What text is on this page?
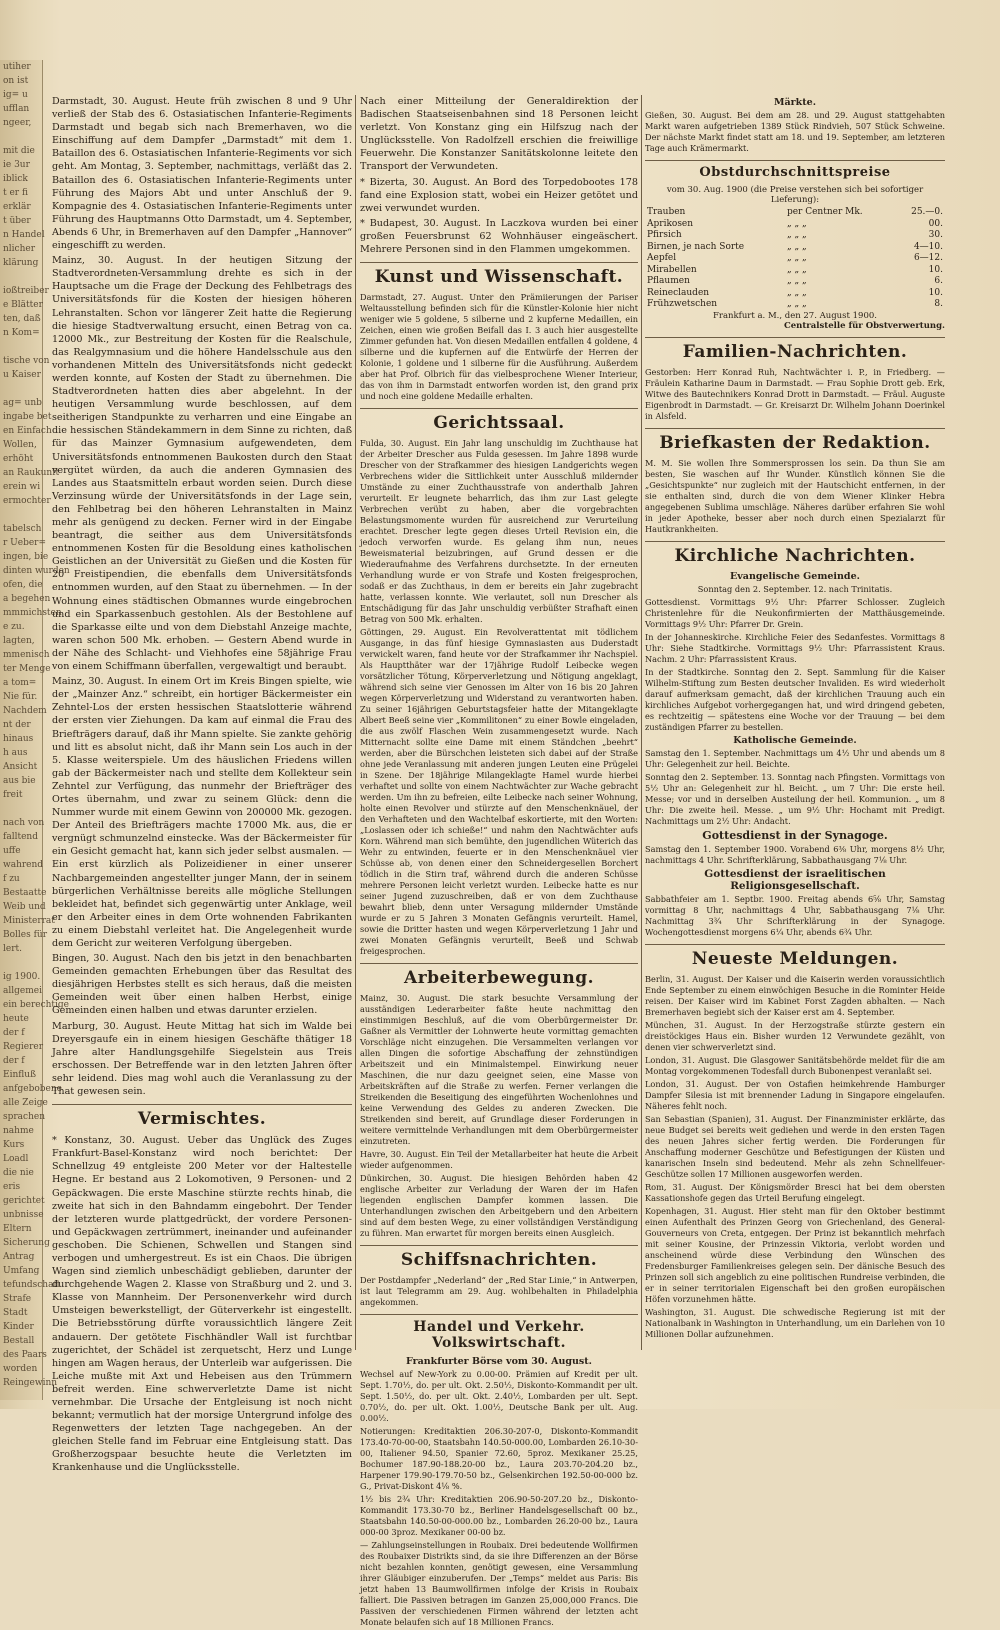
utiher
on ist
ig= u
ufflan
ngeer,

mit die
ie 3ur
iblick
t er fi
erklär
t über
n Handel
nlicher
klärung

ioßtreiber
e Blätter
ten, daß
n Kom=

tische von
u Kaiser

ag= unb
ingabe bet
en Einfach
Wollen,
erhöht
an Raukunft
erein wi
ermochter

tabelsch
r Ueber=
ingen, bie
dinten wurden
ofen, die
a begehen
mmmichsten
e zu.
lagten,
mmenisch
ter Menge
a tom=
Nie für.
Nachdem
nt der
hinaus
h aus
Ansicht
aus bie
freit

nach von
falltend
uffe
wahrend
f zu
Bestaatte
Weib und
Ministerrat
Bolles für
lert.

ig 1900.
allgemei
ein berechtige
heute
der f
Regierer
der f
Einfluß
anfgebobene
alle Zeige
sprachen
nahme
Kurs
Loadl
die nie
eris
gerichtet
unbnisse
Eltern
Sicherung
Antrag
Umfang
tefundschaft
Strafe
Stadt
Kinder
Bestall
des Paars
worden
Reingewinn

Darmstadt, 30. August. Heute früh zwischen 8 und 9 Uhr verließ der Stab des 6. Ostasiatischen Infanterie-Regiments Darmstadt und begab sich nach Bremerhaven, wo die Einschiffung auf dem Dampfer „Darmstadt“ mit dem 1. Bataillon des 6. Ostasiatischen Infanterie-Regiments vor sich geht. Am Montag, 3. September, nachmittags, verläßt das 2. Bataillon des 6. Ostasiatischen Infanterie-Regiments unter Führung des Majors Abt und unter Anschluß der 9. Kompagnie des 4. Ostasiatischen Infanterie-Regiments unter Führung des Hauptmanns Otto Darmstadt, um 4. September, Abends 6 Uhr, in Bremerhaven auf den Dampfer „Hannover“ eingeschifft zu werden.

Mainz, 30. August. In der heutigen Sitzung der Stadtverordneten-Versammlung drehte es sich in der Hauptsache um die Frage der Deckung des Fehlbetrags des Universitätsfonds für die Kosten der hiesigen höheren Lehranstalten. Schon vor längerer Zeit hatte die Regierung die hiesige Stadtverwaltung ersucht, einen Betrag von ca. 12000 Mk., zur Bestreitung der Kosten für die Realschule, das Realgymnasium und die höhere Handelsschule aus den vorhandenen Mitteln des Universitätsfonds nicht gedeckt werden konnte, auf Kosten der Stadt zu übernehmen. Die Stadtverordneten hatten dies aber abgelehnt. In der heutigen Versammlung wurde beschlossen, auf dem seitherigen Standpunkte zu verharren und eine Eingabe an die hessischen Ständekammern in dem Sinne zu richten, daß für das Mainzer Gymnasium aufgewendeten, dem Universitätsfonds entnommenen Baukosten durch den Staat vergütet würden, da auch die anderen Gymnasien des Landes aus Staatsmitteln erbaut worden seien. Durch diese Verzinsung würde der Universitätsfonds in der Lage sein, den Fehlbetrag bei den höheren Lehranstalten in Mainz mehr als genügend zu decken. Ferner wird in der Eingabe beantragt, die seither aus dem Universitätsfonds entnommenen Kosten für die Besoldung eines katholischen Geistlichen an der Universität zu Gießen und die Kosten für 20 Freistipendien, die ebenfalls dem Universitätsfonds entnommen wurden, auf den Staat zu übernehmen. — In der Wohnung eines städtischen Obmannes wurde eingebrochen und ein Sparkassenbuch gestohlen. Als der Bestohlene auf die Sparkasse eilte und von dem Diebstahl Anzeige machte, waren schon 500 Mk. erhoben. — Gestern Abend wurde in der Nähe des Schlacht- und Viehhofes eine 58jährige Frau von einem Schiffmann überfallen, vergewaltigt und beraubt.

Mainz, 30. August. In einem Ort im Kreis Bingen spielte, wie der „Mainzer Anz.“ schreibt, ein hortiger Bäckermeister ein Zehntel-Los der ersten hessischen Staatslotterie während der ersten vier Ziehungen. Da kam auf einmal die Frau des Briefträgers darauf, daß ihr Mann spielte. Sie zankte gehörig und litt es absolut nicht, daß ihr Mann sein Los auch in der 5. Klasse weiterspiele. Um des häuslichen Friedens willen gab der Bäckermeister nach und stellte dem Kollekteur sein Zehntel zur Verfügung, das nunmehr der Briefträger des Ortes übernahm, und zwar zu seinem Glück: denn die Nummer wurde mit einem Gewinn von 200000 Mk. gezogen. Der Anteil des Briefträgers machte 17000 Mk. aus, die er vergnügt schmunzelnd einstecke. Was der Bäckermeister für ein Gesicht gemacht hat, kann sich jeder selbst ausmalen. — Ein erst kürzlich als Polizeidiener in einer unserer Nachbargemeinden angestellter junger Mann, der in seinem bürgerlichen Verhältnisse bereits alle mögliche Stellungen bekleidet hat, befindet sich gegenwärtig unter Anklage, weil er den Arbeiter eines in dem Orte wohnenden Fabrikanten zu einem Diebstahl verleitet hat. Die Angelegenheit wurde dem Gericht zur weiteren Verfolgung übergeben.

Bingen, 30. August. Nach den bis jetzt in den benachbarten Gemeinden gemachten Erhebungen über das Resultat des diesjährigen Herbstes stellt es sich heraus, daß die meisten Gemeinden weit über einen halben Herbst, einige Gemeinden einen halben und etwas darunter erzielen.

Marburg, 30. August. Heute Mittag hat sich im Walde bei Dreyersgaufe ein in einem hiesigen Geschäfte thätiger 18 Jahre alter Handlungsgehilfe Siegelstein aus Treis erschossen. Der Betreffende war in den letzten Jahren öfter sehr leidend. Dies mag wohl auch die Veranlassung zu der That gewesen sein.

Vermischtes.

* Konstanz, 30. August. Ueber das Unglück des Zuges Frankfurt-Basel-Konstanz wird noch berichtet: Der Schnellzug 49 entgleiste 200 Meter vor der Haltestelle Hegne. Er bestand aus 2 Lokomotiven, 9 Personen- und 2 Gepäckwagen. Die erste Maschine stürzte rechts hinab, die zweite hat sich in den Bahndamm eingebohrt. Der Tender der letzteren wurde plattgedrückt, der vordere Personen- und Gepäckwagen zertrümmert, ineinander und aufeinander geschoben. Die Schienen, Schwellen und Stangen sind verbogen und umhergestreut. Es ist ein Chaos. Die übrigen Wagen sind ziemlich unbeschädigt geblieben, darunter der durchgehende Wagen 2. Klasse von Straßburg und 2. und 3. Klasse von Mannheim. Der Personenverkehr wird durch Umsteigen bewerkstelligt, der Güterverkehr ist eingestellt. Die Betriebsstörung dürfte voraussichtlich längere Zeit andauern. Der getötete Fischhändler Wall ist furchtbar zugerichtet, der Schädel ist zerquetscht, Herz und Lunge hingen am Wagen heraus, der Unterleib war aufgerissen. Die Leiche mußte mit Axt und Hebeisen aus den Trümmern befreit werden. Eine schwerverletzte Dame ist nicht vernehmbar. Die Ursache der Entgleisung ist noch nicht bekannt; vermutlich hat der morsige Untergrund infolge des Regenwetters der letzten Tage nachgegeben. An der gleichen Stelle fand im Februar eine Entgleisung statt. Das Großherzogspaar besuchte heute die Verletzten im Krankenhause und die Unglücksstelle.

Nach einer Mitteilung der Generaldirektion der Badischen Staatseisenbahnen sind 18 Personen leicht verletzt. Von Konstanz ging ein Hilfszug nach der Unglücksstelle. Von Radolfzell erschien die freiwillige Feuerwehr. Die Konstanzer Sanitätskolonne leitete den Transport der Verwundeten.

* Bizerta, 30. August. An Bord des Torpedobootes 178 fand eine Explosion statt, wobei ein Heizer getötet und zwei verwundet wurden.

* Budapest, 30. August. In Laczkova wurden bei einer großen Feuersbrunst 62 Wohnhäuser eingeäschert. Mehrere Personen sind in den Flammen umgekommen.

Kunst und Wissenschaft.

Darmstadt, 27. August. Unter den Prämiierungen der Pariser Weltausstellung befinden sich für die Künstler-Kolonie hier nicht weniger wie 5 goldene, 5 silberne und 2 kupferne Medaillen, ein Zeichen, einen wie großen Beifall das I. 3 auch hier ausgestellte Zimmer gefunden hat. Von diesen Medaillen entfallen 4 goldene, 4 silberne und die kupfernen auf die Entwürfe der Herren der Kolonie, 1 goldene und 1 silberne für die Ausführung. Außerdem aber hat Prof. Olbrich für das vielbesprochene Wiener Interieur, das von ihm in Darmstadt entworfen worden ist, den grand prix und noch eine goldene Medaille erhalten.

Gerichtssaal.

Fulda, 30. August. Ein Jahr lang unschuldig im Zuchthause hat der Arbeiter Drescher aus Fulda gesessen. Im Jahre 1898 wurde Drescher von der Strafkammer des hiesigen Landgerichts wegen Verbrechens wider die Sittlichkeit unter Ausschluß mildernder Umstände zu einer Zuchthausstrafe von anderthalb Jahren verurteilt. Er leugnete beharrlich, das ihm zur Last gelegte Verbrechen verübt zu haben, aber die vorgebrachten Belastungsmomente wurden für ausreichend zur Verurteilung erachtet. Drescher legte gegen dieses Urteil Revision ein, die jedoch verworfen wurde. Es gelang ihm nun, neues Beweismaterial beizubringen, auf Grund dessen er die Wiederaufnahme des Verfahrens durchsetzte. In der erneuten Verhandlung wurde er von Strafe und Kosten freigesprochen, sodaß er das Zuchthaus, in dem er bereits ein Jahr zugebracht hatte, verlassen konnte. Wie verlautet, soll nun Drescher als Entschädigung für das Jahr unschuldig verbüßter Strafhaft einen Betrag von 500 Mk. erhalten.

Göttingen, 29. August. Ein Revolverattentat mit tödlichem Ausgange, in das fünf hiesige Gymnasiasten aus Duderstadt verwickelt waren, fand heute vor der Strafkammer ihr Nachspiel. Als Hauptthäter war der 17jährige Rudolf Leibecke wegen vorsätzlicher Tötung, Körperverletzung und Nötigung angeklagt, während sich seine vier Genossen im Alter von 16 bis 20 Jahren wegen Körperverletzung und Widerstand zu verantworten haben. Zu seiner 16jährigen Geburtstagsfeier hatte der Mitangeklagte Albert Beeß seine vier „Kommilitonen“ zu einer Bowle eingeladen, die aus zwölf Flaschen Wein zusammengesetzt wurde. Nach Mitternacht sollte eine Dame mit einem Ständchen „beehrt“ werden, aber die Bürschchen leisteten sich dabei auf der Straße ohne jede Veranlassung mit anderen jungen Leuten eine Prügelei in Szene. Der 18jährige Milangeklagte Hamel wurde hierbei verhaftet und sollte von einem Nachtwächter zur Wache gebracht werden. Um ihn zu befreien, eilte Leibecke nach seiner Wohnung, holte einen Revolver und stürzte auf den Menschenknäuel, der den Verhafteten und den Wachtelbaf eskortierte, mit den Worten: „Loslassen oder ich schieße!“ und nahm den Nachtwächter aufs Korn. Während man sich bemühte, den jugendlichen Wüterich das Wehr zu entwinden, feuerte er in den Menschenknäuel vier Schüsse ab, von denen einer den Schneidergesellen Borchert tödlich in die Stirn traf, während durch die anderen Schüsse mehrere Personen leicht verletzt wurden. Leibecke hatte es nur seiner Jugend zuzuschreiben, daß er von dem Zuchthause bewahrt blieb, denn unter Versagung mildernder Umstände wurde er zu 5 Jahren 3 Monaten Gefängnis verurteilt. Hamel, sowie die Dritter hasten und wegen Körperverletzung 1 Jahr und zwei Monaten Gefängnis verurteilt, Beeß und Schwab freigesprochen.

Arbeiterbewegung.

Mainz, 30. August. Die stark besuchte Versammlung der ausständigen Lederarbeiter faßte heute nachmittag den einstimmigen Beschluß, auf die vom Oberbürgermeister Dr. Gaßner als Vermittler der Lohnwerte heute vormittag gemachten Vorschläge nicht einzugehen. Die Versammelten verlangen vor allen Dingen die sofortige Abschaffung der zehnstündigen Arbeitszeit und ein Minimalstempel. Einwirkung neuer Maschinen, die nur dazu geeignet seien, eine Masse von Arbeitskräften auf die Straße zu werfen. Ferner verlangen die Streikenden die Beseitigung des eingeführten Wochenlohnes und keine Verwendung des Geldes zu anderen Zwecken. Die Streikenden sind bereit, auf Grundlage dieser Forderungen in weitere vermittelnde Verhandlungen mit dem Oberbürgermeister einzutreten.

Havre, 30. August. Ein Teil der Metallarbeiter hat heute die Arbeit wieder aufgenommen.

Dünkirchen, 30. August. Die hiesigen Behörden haben 42 englische Arbeiter zur Verladung der Waren der im Hafen liegenden englischen Dampfer kommen lassen. Die Unterhandlungen zwischen den Arbeitgebern und den Arbeitern sind auf dem besten Wege, zu einer vollständigen Verständigung zu führen. Man erwartet für morgen bereits einen Ausgleich.

Schiffsnachrichten.

Der Postdampfer „Nederland“ der „Red Star Linie,“ in Antwerpen, ist laut Telegramm am 29. Aug. wohlbehalten in Philadelphia angekommen.

Handel und Verkehr. Volkswirtschaft.
Frankfurter Börse vom 30. August.

Wechsel auf New-York zu 0.00-00. Prämien auf Kredit per ult. Sept. 1.70½, do. per ult. Okt. 2.50½, Diskonto-Kommandit per ult. Sept. 1.50½, do. per ult. Okt. 2.40½, Lombarden per ult. Sept. 0.70½, do. per ult. Okt. 1.00½, Deutsche Bank per ult. Aug. 0.00½.

Notierungen: Kreditaktien 206.30-207-0, Diskonto-Kommandit 173.40-70-00-00, Staatsbahn 140.50-000.00, Lombarden 26.10-30-00, Italiener 94.50, Spanier 72.60, 5proz. Mexikaner 25.25, Bochumer 187.90-188.20-00 bz., Laura 203.70-204.20 bz., Harpener 179.90-179.70-50 bz., Gelsenkirchen 192.50-00-000 bz. G., Privat-Diskont 4⅛ %.

1½ bis 2¾ Uhr: Kreditaktien 206.90-50-207.20 bz., Diskonto-Kommandit 173.30-70 bz., Berliner Handelsgesellschaft 00 bz., Staatsbahn 140.50-00-000.00 bz., Lombarden 26.20-00 bz., Laura 000-00 3proz. Mexikaner 00-00 bz.

— Zahlungseinstellungen in Roubaix. Drei bedeutende Wollfirmen des Roubaixer Distrikts sind, da sie ihre Differenzen an der Börse nicht bezahlen konnten, genötigt gewesen, eine Versammlung ihrer Gläubiger einzuberufen. Der „Temps“ meldet aus Paris: Bis jetzt haben 13 Baumwollfirmen infolge der Krisis in Roubaix falliert. Die Passiven betragen im Ganzen 25,000,000 Francs. Die Passiven der verschiedenen Firmen während der letzten acht Monate belaufen sich auf 18 Millionen Francs.

Märkte.

Gießen, 30. August. Bei dem am 28. und 29. August stattgehabten Markt waren aufgetrieben 1389 Stück Rindvieh, 507 Stück Schweine. Der nächste Markt findet statt am 18. und 19. September, am letzteren Tage auch Krämermarkt.

Obstdurchschnittspreise
vom 30. Aug. 1900 (die Preise verstehen sich bei sofortiger Lieferung):
Trauben	per Centner Mk.	25.—0.
Aprikosen	„ „ „	00.
Pfirsich	„ „ „	30.
Birnen, je nach Sorte	„ „ „	4—10.
Aepfel	„ „ „	6—12.
Mirabellen	„ „ „	10.
Pflaumen	„ „ „	6.
Reineclauden	„ „ „	10.
Frühzwetschen	„ „ „	8.
Frankfurt a. M., den 27. August 1900.
Centralstelle für Obstverwertung.
Familien-Nachrichten.

Gestorben: Herr Konrad Ruh, Nachtwächter i. P., in Friedberg. — Fräulein Katharine Daum in Darmstadt. — Frau Sophie Drott geb. Erk, Witwe des Bautechnikers Konrad Drott in Darmstadt. — Fräul. Auguste Eigenbrodt in Darmstadt. — Gr. Kreisarzt Dr. Wilhelm Johann Doerinkel in Alsfeld.

Briefkasten der Redaktion.

M. M. Sie wollen Ihre Sommersprossen los sein. Da thun Sie am besten, Sie waschen auf Ihr Wunder. Künstlich können Sie die „Gesichtspunkte“ nur zugleich mit der Hautschicht entfernen, in der sie enthalten sind, durch die von dem Wiener Klinker Hebra angegebenen Sublima umschläge. Näheres darüber erfahren Sie wohl in jeder Apotheke, besser aber noch durch einen Spezialarzt für Hautkrankheiten.

Kirchliche Nachrichten.
Evangelische Gemeinde.

Sonntag den 2. September. 12. nach Trinitatis.

Gottesdienst. Vormittags 9½ Uhr: Pfarrer Schlosser. Zugleich Christenlehre für die Neukonfirmierten der Matthäusgemeinde. Vormittags 9½ Uhr: Pfarrer Dr. Grein.

In der Johanneskirche. Kirchliche Feier des Sedanfestes. Vormittags 8 Uhr: Siehe Stadtkirche. Vormittags 9½ Uhr: Pfarrassistent Kraus. Nachm. 2 Uhr: Pfarrassistent Kraus.

In der Stadtkirche. Sonntag den 2. Sept. Sammlung für die Kaiser Wilhelm-Stiftung zum Besten deutscher Invaliden. Es wird wiederholt darauf aufmerksam gemacht, daß der kirchlichen Trauung auch ein kirchliches Aufgebot vorhergegangen hat, und wird dringend gebeten, es rechtzeitig — spätestens eine Woche vor der Trauung — bei dem zuständigen Pfarrer zu bestellen.

Katholische Gemeinde.

Samstag den 1. September. Nachmittags um 4½ Uhr und abends um 8 Uhr: Gelegenheit zur heil. Beichte.

Sonntag den 2. September. 13. Sonntag nach Pfingsten. Vormittags von 5½ Uhr an: Gelegenheit zur hl. Beicht. „ um 7 Uhr: Die erste heil. Messe; vor und in derselben Austeilung der heil. Kommunion. „ um 8 Uhr: Die zweite heil. Messe. „ um 9½ Uhr: Hochamt mit Predigt. Nachmittags um 2½ Uhr: Andacht.

Gottesdienst in der Synagoge.

Samstag den 1. September 1900. Vorabend 6⅜ Uhr, morgens 8½ Uhr, nachmittags 4 Uhr. Schrifterklärung, Sabbathausgang 7⅛ Uhr.

Gottesdienst der israelitischen Religionsgesellschaft.

Sabbathfeier am 1. Septbr. 1900. Freitag abends 6⅝ Uhr, Samstag vormittag 8 Uhr, nachmittags 4 Uhr, Sabbathausgang 7⅛ Uhr. Nachmittag 3¾ Uhr Schrifterklärung in der Synagoge. Wochengottesdienst morgens 6¼ Uhr, abends 6¾ Uhr.

Neueste Meldungen.

Berlin, 31. August. Der Kaiser und die Kaiserin werden voraussichtlich Ende September zu einem einwöchigen Besuche in die Rominter Heide reisen. Der Kaiser wird im Kabinet Forst Zagden abhalten. — Nach Bremerhaven begiebt sich der Kaiser erst am 4. September.

München, 31. August. In der Herzogstraße stürzte gestern ein dreistöckiges Haus ein. Bisher wurden 12 Verwundete gezählt, von denen vier schwerverletzt sind.

London, 31. August. Die Glasgower Sanitätsbehörde meldet für die am Montag vorgekommenen Todesfall durch Bubonenpest veranlaßt sei.

London, 31. August. Der von Ostafien heimkehrende Hamburger Dampfer Silesia ist mit brennender Ladung in Singapore eingelaufen. Näheres fehlt noch.

San Sebastian (Spanien), 31. August. Der Finanzminister erklärte, das neue Budget sei bereits weit gediehen und werde in den ersten Tagen des neuen Jahres sicher fertig werden. Die Forderungen für Anschaffung moderner Geschütze und Befestigungen der Küsten und kanarischen Inseln sind bedeutend. Mehr als zehn Schnellfeuer-Geschütze sollen 17 Millionen ausgeworfen werden.

Rom, 31. August. Der Königsmörder Bresci hat bei dem obersten Kassationshofe gegen das Urteil Berufung eingelegt.

Kopenhagen, 31. August. Hier steht man für den Oktober bestimmt einen Aufenthalt des Prinzen Georg von Griechenland, des General-Gouverneurs von Creta, entgegen. Der Prinz ist bekanntlich mehrfach mit seiner Kousine, der Prinzessin Viktoria, verlobt worden und anscheinend würde diese Verbindung den Wünschen des Fredensburger Familienkreises gelegen sein. Der dänische Besuch des Prinzen soll sich angeblich zu eine politischen Rundreise verbinden, die er in seiner territorialen Eigenschaft bei den großen europäischen Höfen vorzunehmen hätte.

Washington, 31. August. Die schwedische Regierung ist mit der Nationalbank in Washington in Unterhandlung, um ein Darlehen von 10 Millionen Dollar aufzunehmen.
